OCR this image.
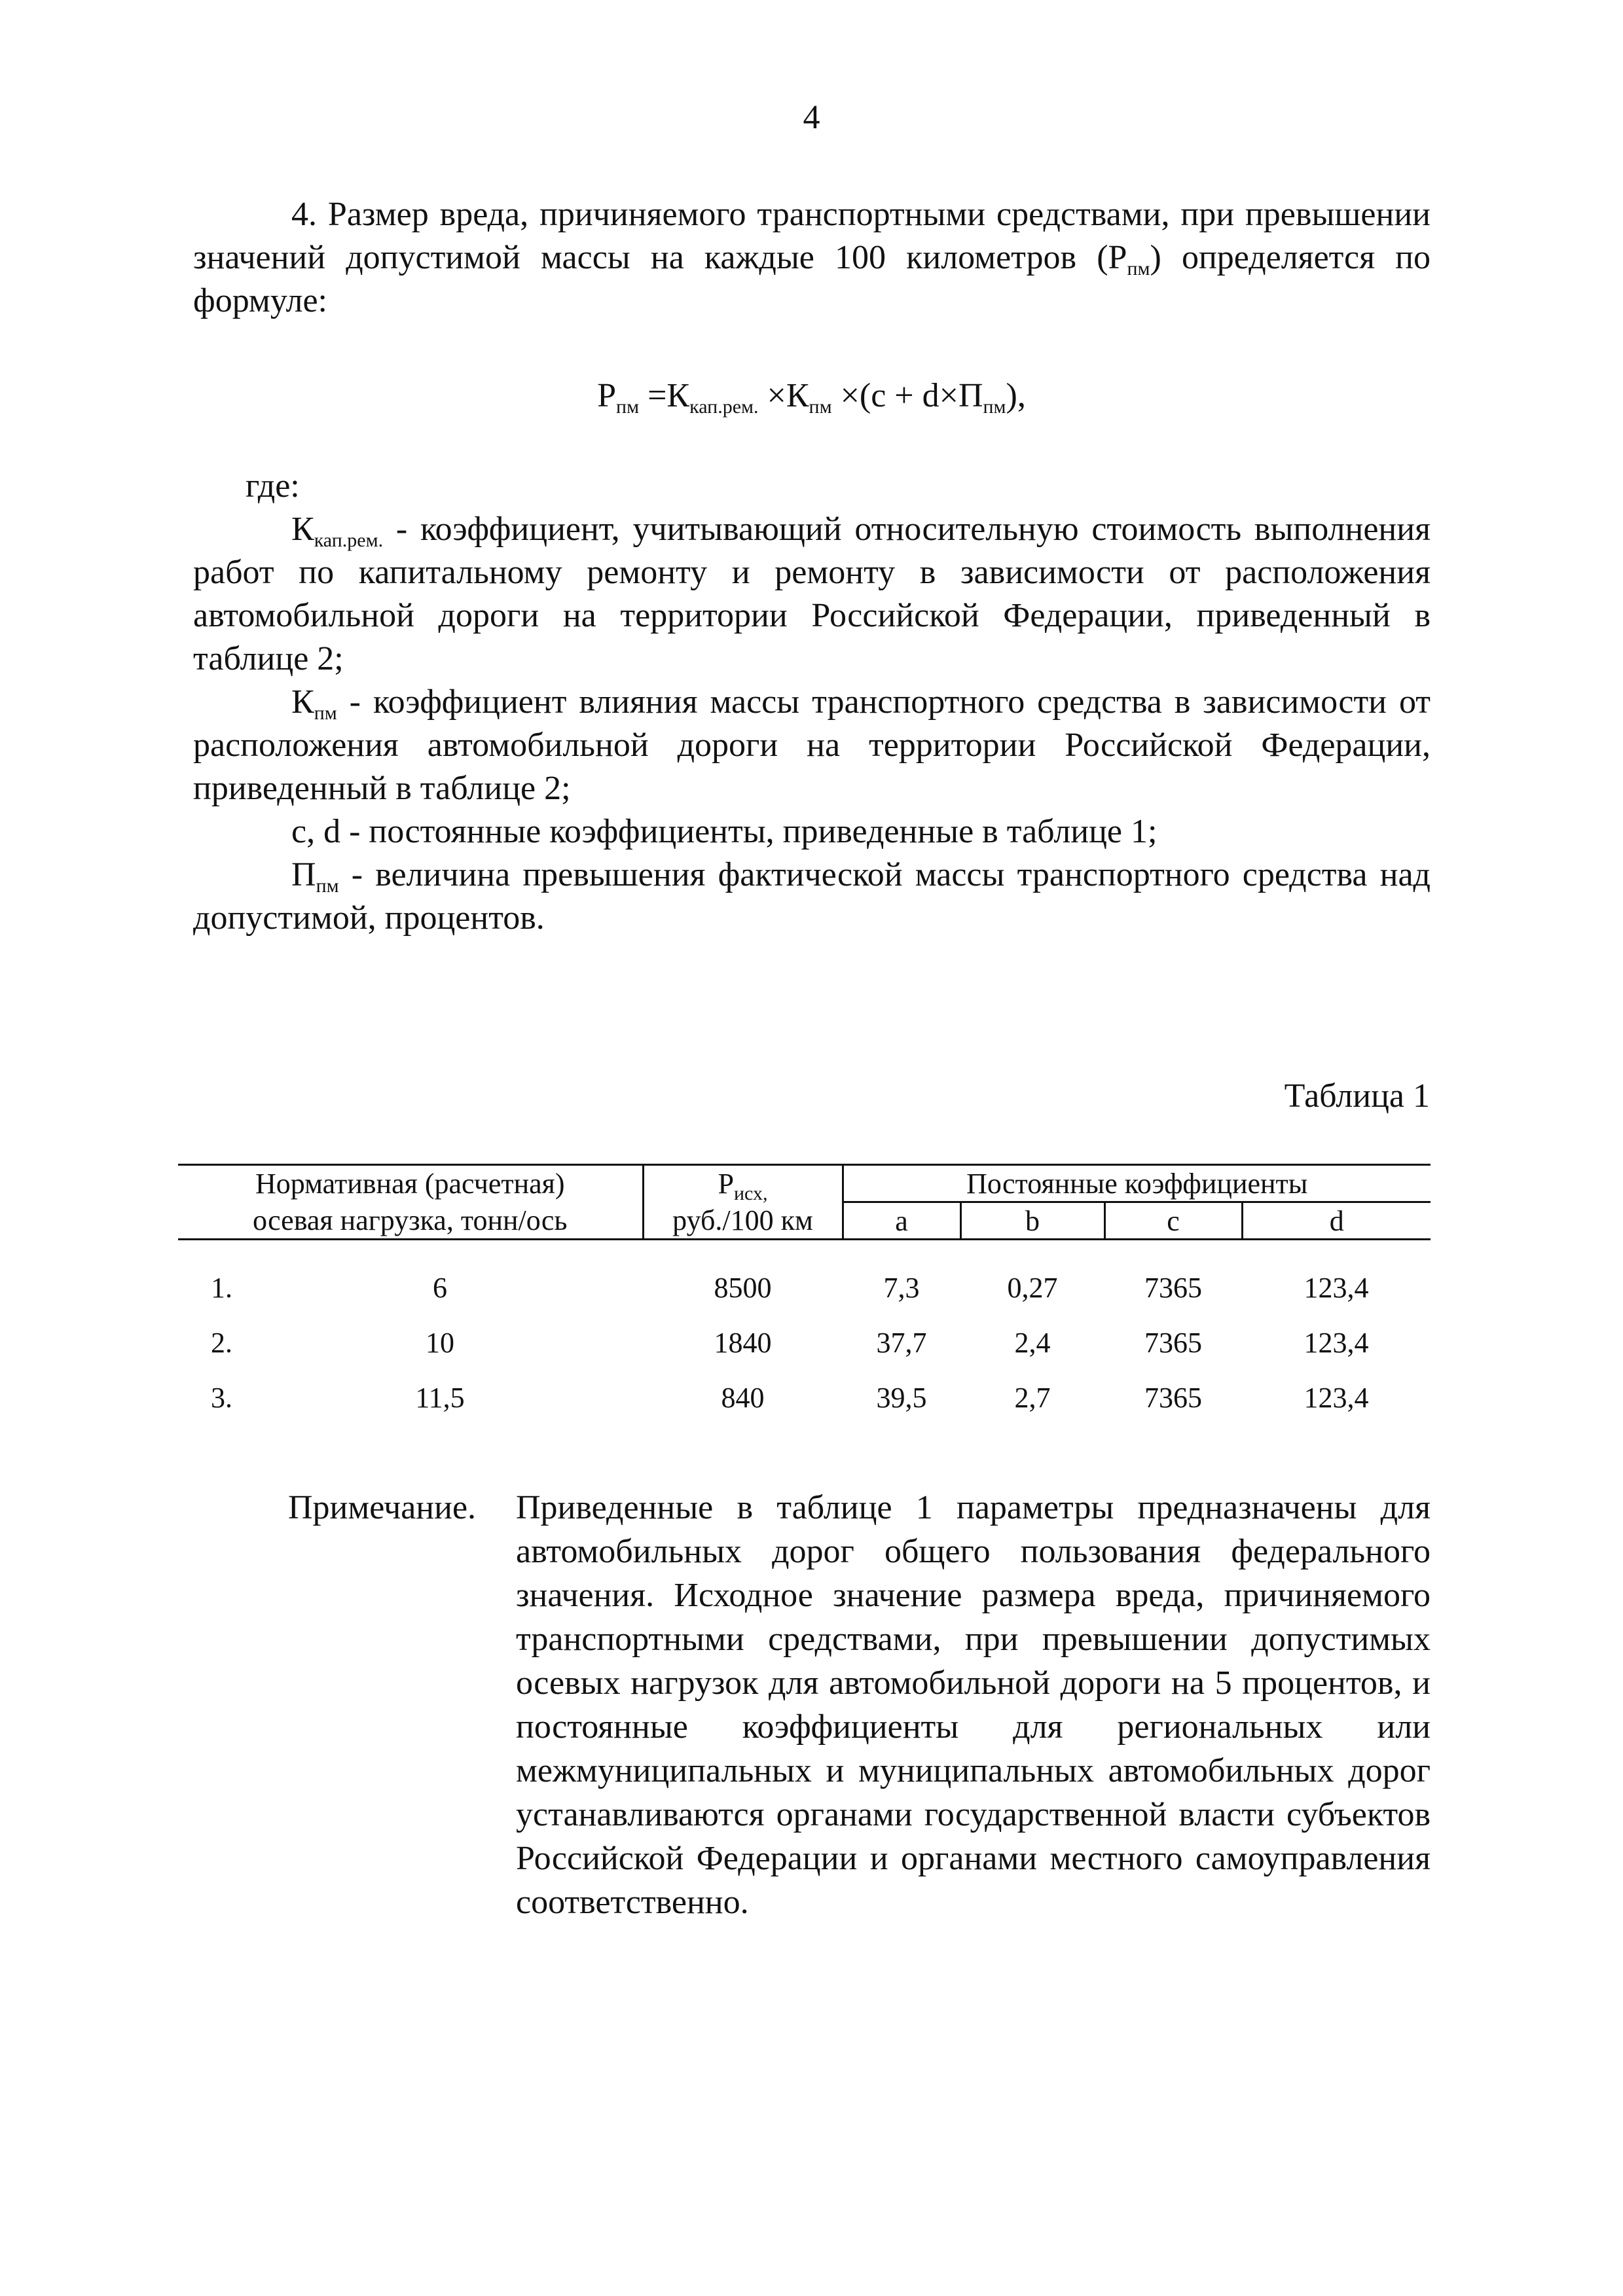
4

4. Размер вреда, причиняемого транспортными средствами, при превышении значений допустимой массы на каждые 100 километров $(Р_{пм})$ определяется по формуле:

$Р_{пм} =К_{кап.рем.} \times К_{пм} \times(с + d\times П_{пм})$,

где:

$К_{кап.рем.}$ - коэффициент, учитывающий относительную стоимость выполнения работ по капитальному ремонту и ремонту в зависимости от расположения автомобильной дороги на территории Российской Федерации, приведенный в таблице 2;

$К_{пм}$ - коэффициент влияния массы транспортного средства в зависимости от расположения автомобильной дороги на территории Российской Федерации, приведенный в таблице 2;

с, d - постоянные коэффициенты, приведенные в таблице 1;

$П_{пм}$ - величина превышения фактической массы транспортного средства над допустимой, процентов.

Таблица 1
Нормативная (расчетная)		$Р_{исх,}$	Постоянные коэффициенты			
осевая нагрузка, тонн/ось		руб./100 км	a	b	c	d

1.	6	8500	7,3	0,27	7365	123,4
2.	10	1840	37,7	2,4	7365	123,4
3.	11,5	840	39,5	2,7	7365	123,4
Примечание. Приведенные в таблице 1 параметры предназначены для автомобильных дорог общего пользования федерального значения. Исходное значение размера вреда, причиняемого транспортными средствами, при превышении допустимых осевых нагрузок для автомобильной дороги на 5 процентов, и постоянные коэффициенты для региональных или межмуниципальных и муниципальных автомобильных дорог устанавливаются органами государственной власти субъектов Российской Федерации и органами местного самоуправления соответственно.
